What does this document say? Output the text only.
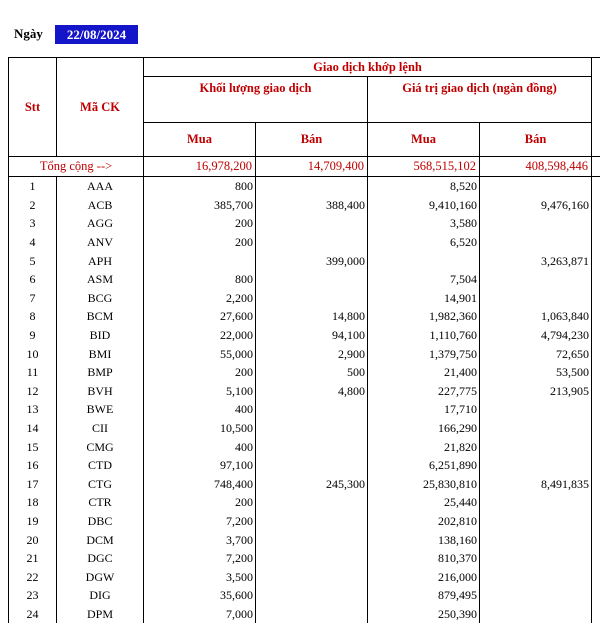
Ngày	22/08/2024
Stt	Mã CK	Giao dịch khớp lệnh				
		Khối lượng giao dịch		Giá trị giao dịch (ngàn đồng)		
		Mua	Bán	Mua	Bán	
Tổng cộng -->		16,978,200	14,709,400	568,515,102	408,598,446	
1	AAA	800		8,520		
2	ACB	385,700	388,400	9,410,160	9,476,160	
3	AGG	200		3,580		
4	ANV	200		6,520		
5	APH		399,000		3,263,871	
6	ASM	800		7,504		
7	BCG	2,200		14,901		
8	BCM	27,600	14,800	1,982,360	1,063,840	
9	BID	22,000	94,100	1,110,760	4,794,230	
10	BMI	55,000	2,900	1,379,750	72,650	
11	BMP	200	500	21,400	53,500	
12	BVH	5,100	4,800	227,775	213,905	
13	BWE	400		17,710		
14	CII	10,500		166,290		
15	CMG	400		21,820		
16	CTD	97,100		6,251,890		
17	CTG	748,400	245,300	25,830,810	8,491,835	
18	CTR	200		25,440		
19	DBC	7,200		202,810		
20	DCM	3,700		138,160		
21	DGC	7,200		810,370		
22	DGW	3,500		216,000		
23	DIG	35,600		879,495		
24	DPM	7,000		250,390		
